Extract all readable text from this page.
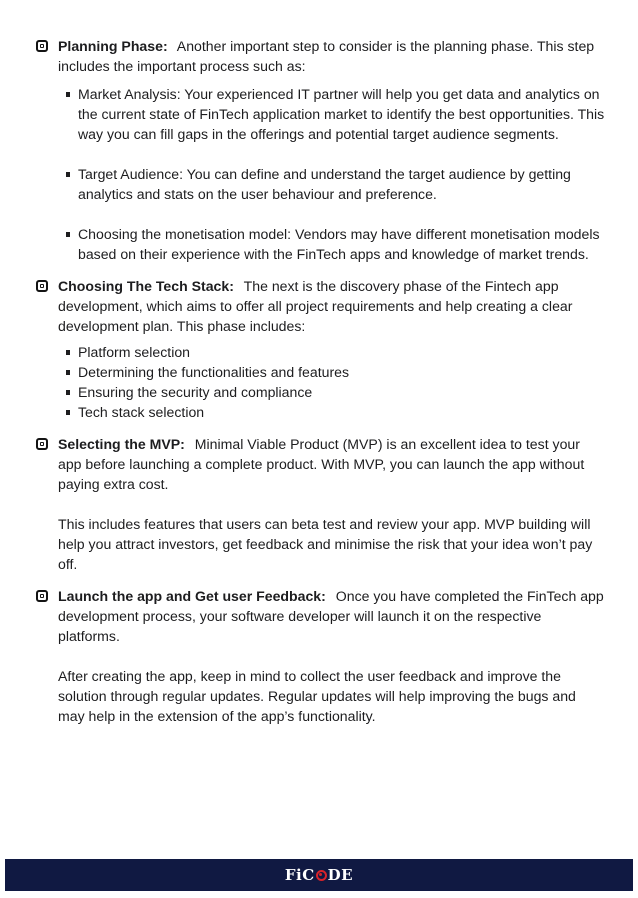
Planning Phase: Another important step to consider is the planning phase. This step includes the important process such as:

Market Analysis: Your experienced IT partner will help you get data and analytics on the current state of FinTech application market to identify the best opportunities. This way you can fill gaps in the offerings and potential target audience segments.
Target Audience: You can define and understand the target audience by getting analytics and stats on the user behaviour and preference.
Choosing the monetisation model: Vendors may have different monetisation models based on their experience with the FinTech apps and knowledge of market trends.

Choosing The Tech Stack: The next is the discovery phase of the Fintech app development, which aims to offer all project requirements and help creating a clear development plan. This phase includes:

Platform selection
Determining the functionalities and features
Ensuring the security and compliance
Tech stack selection

Selecting the MVP: Minimal Viable Product (MVP) is an excellent idea to test your app before launching a complete product. With MVP, you can launch the app without paying extra cost.

This includes features that users can beta test and review your app. MVP building will help you attract investors, get feedback and minimise the risk that your idea won’t pay off.

Launch the app and Get user Feedback: Once you have completed the FinTech app development process, your software developer will launch it on the respective platforms.

After creating the app, keep in mind to collect the user feedback and improve the solution through regular updates. Regular updates will help improving the bugs and may help in the extension of the app’s functionality.

FiC DE
